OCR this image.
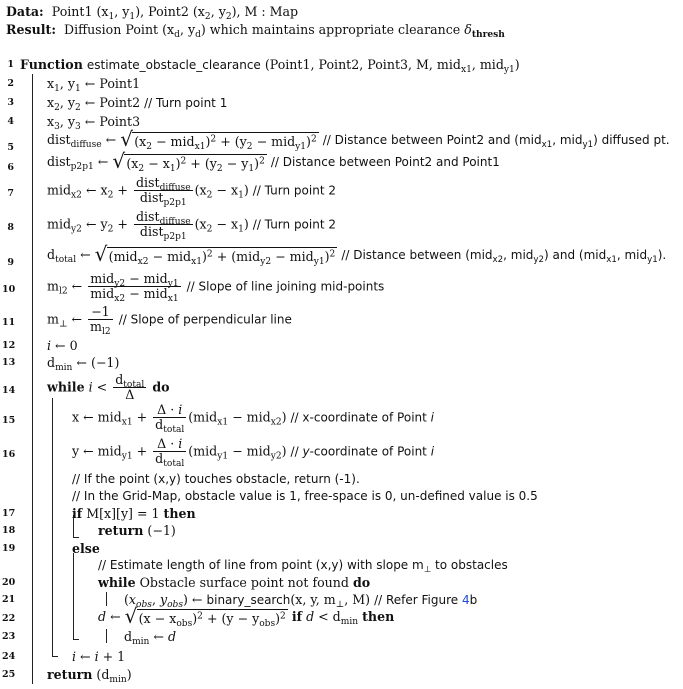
Data:  Point1 ($x_1$, $y_1$), Point2 ($x_2$, $y_2$), M : Map
Result:  Diffusion Point ($x_d$, $y_d$) which maintains appropriate clearance $\delta_{thresh}$
1 Function estimate_obstacle_clearance (Point1, Point2, Point3, M, mid$_{x1}$, mid$_{y1}$)
2	$x_1$, $y_1$ ← Point1
3	$x_2$, $y_2$ ← Point2 // Turn point 1
4	$x_3$, $y_3$ ← Point3
5
dist$_{diffuse}$ ← √ $(x_2 - mid_{x1})^2 + (y_2 - mid_{y1})^2$ // Distance between Point2 and (mid$_{x1}$, mid$_{y1}$) diffused pt.
6	dist$_{p2p1}$ ← √ $(x_2 - x_1)^2 + (y_2 - y_1)^2$ // Distance between Point2 and Point1
7	mid$_{x2}$ ← $x_2 + \frac{dist_{diffuse}}{dist_{p2p1}} (x_2 - x_1)$ // Turn point 2
8	mid$_{y2}$ ← $y_2 + \frac{dist_{diffuse}}{dist_{p2p1}} (x_2 - x_1)$ // Turn point 2
9
$d_{total}$ ← √ $(mid_{x2} - mid_{x1})^2 + (mid_{y2} - mid_{y1})^2$ // Distance between (mid$_{x2}$, mid$_{y2}$) and (mid$_{x1}$, mid$_{y1}$).
10	$m_{l2}$ ← $\frac{mid_{y2} - mid_{y1}}{mid_{x2} - mid_{x1}}$ // Slope of line joining mid-points
11	$m_\perp$ ← $\frac{-1}{m_{l2}}$ // Slope of perpendicular line
12	i ← 0
13	$d_{min}$ ← (−1)
14	while $i < \frac{d_{total}}{\Delta}$ do
15	x ← $mid_{x1} + \frac{\Delta \cdot i}{d_{total}} (mid_{x1} - mid_{x2})$ // x-coordinate of Point i
16	y ← $mid_{y1} + \frac{\Delta \cdot i}{d_{total}} (mid_{y1} - mid_{y2})$ // y-coordinate of Point i
// If the point (x,y) touches obstacle, return (-1).
// In the Grid-Map, obstacle value is 1, free-space is 0, un-defined value is 0.5
17	if M[x][y] = 1 then
18	return (−1)
19	else
// Estimate length of line from point (x,y) with slope $m_\perp$ to obstacles
20	while Obstacle surface point not found do
21	($x_{obs}$, $y_{obs}$) ← binary_search(x, y, $m_\perp$, M) // Refer Figure 4b
22	d ← √ $(x - x_{obs})^2 + (y - y_{obs})^2$ if $d < d_{min}$ then
23	$d_{min}$ ← d
24	i ← i + 1
25	return $(d_{min})$
